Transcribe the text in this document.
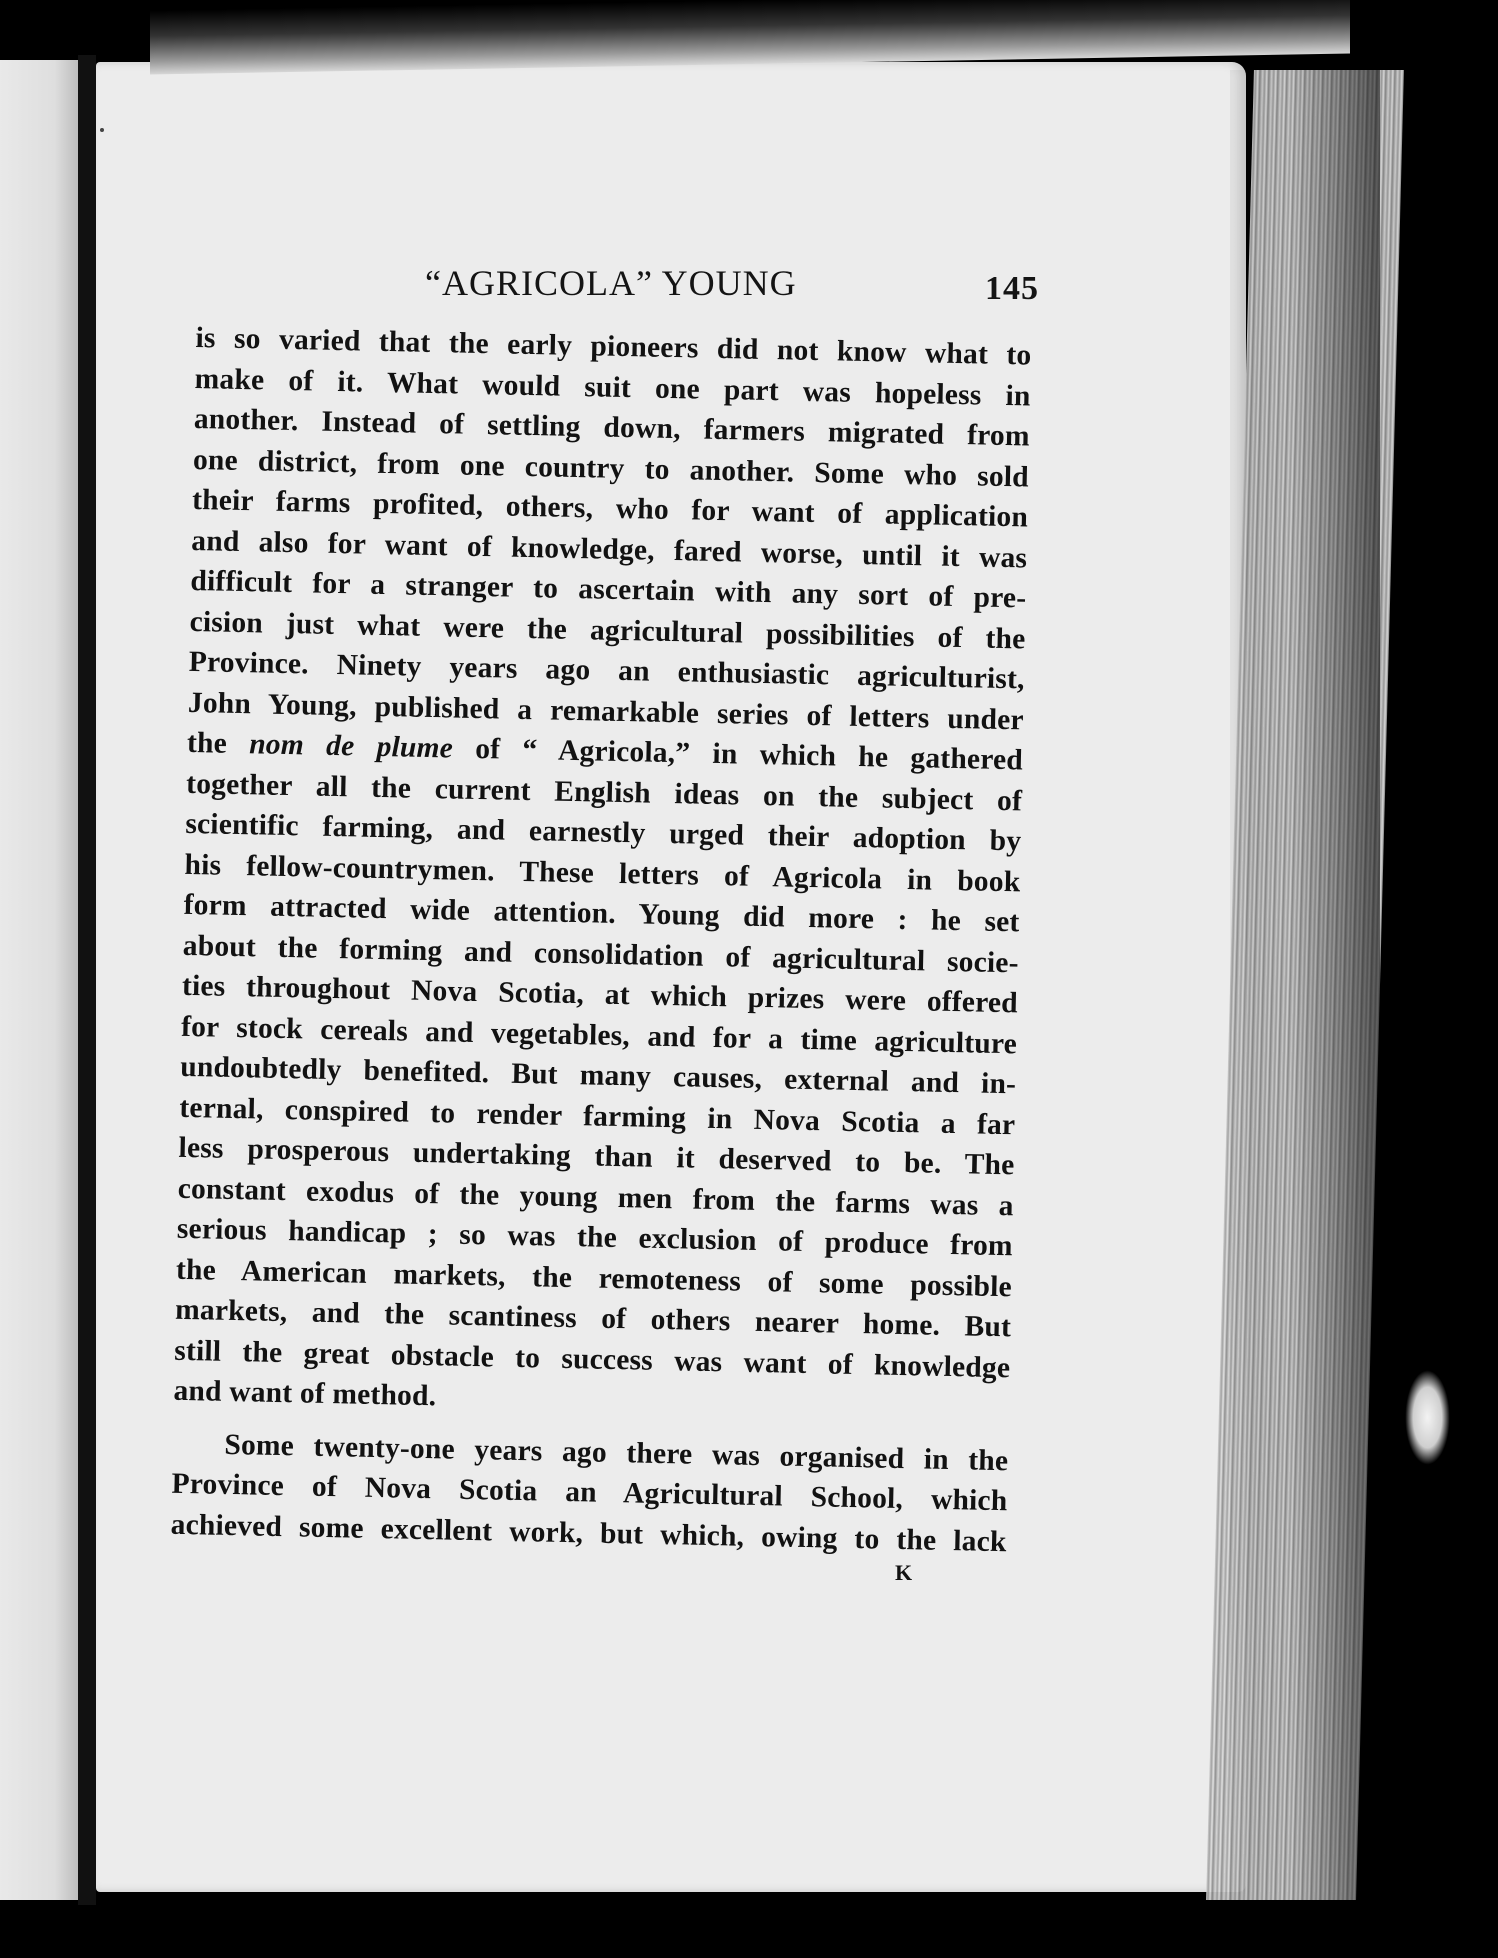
“AGRICOLA” YOUNG	145

is so varied that the early pioneers did not know what to
make of it. What would suit one part was hopeless in
another. Instead of settling down, farmers migrated from
one district, from one country to another. Some who sold
their farms profited, others, who for want of application
and also for want of knowledge, fared worse, until it was
difficult for a stranger to ascertain with any sort of pre-
cision just what were the agricultural possibilities of the
Province. Ninety years ago an enthusiastic agriculturist,
John Young, published a remarkable series of letters under
the nom de plume of “ Agricola,” in which he gathered
together all the current English ideas on the subject of
scientific farming, and earnestly urged their adoption by
his fellow-countrymen. These letters of Agricola in book
form attracted wide attention. Young did more : he set
about the forming and consolidation of agricultural socie-
ties throughout Nova Scotia, at which prizes were offered
for stock cereals and vegetables, and for a time agriculture
undoubtedly benefited. But many causes, external and in-
ternal, conspired to render farming in Nova Scotia a far
less prosperous undertaking than it deserved to be. The
constant exodus of the young men from the farms was a
serious handicap ; so was the exclusion of produce from
the American markets, the remoteness of some possible
markets, and the scantiness of others nearer home. But
still the great obstacle to success was want of knowledge
and want of method.

Some twenty-one years ago there was organised in the
Province of Nova Scotia an Agricultural School, which
achieved some excellent work, but which, owing to the lack

K
